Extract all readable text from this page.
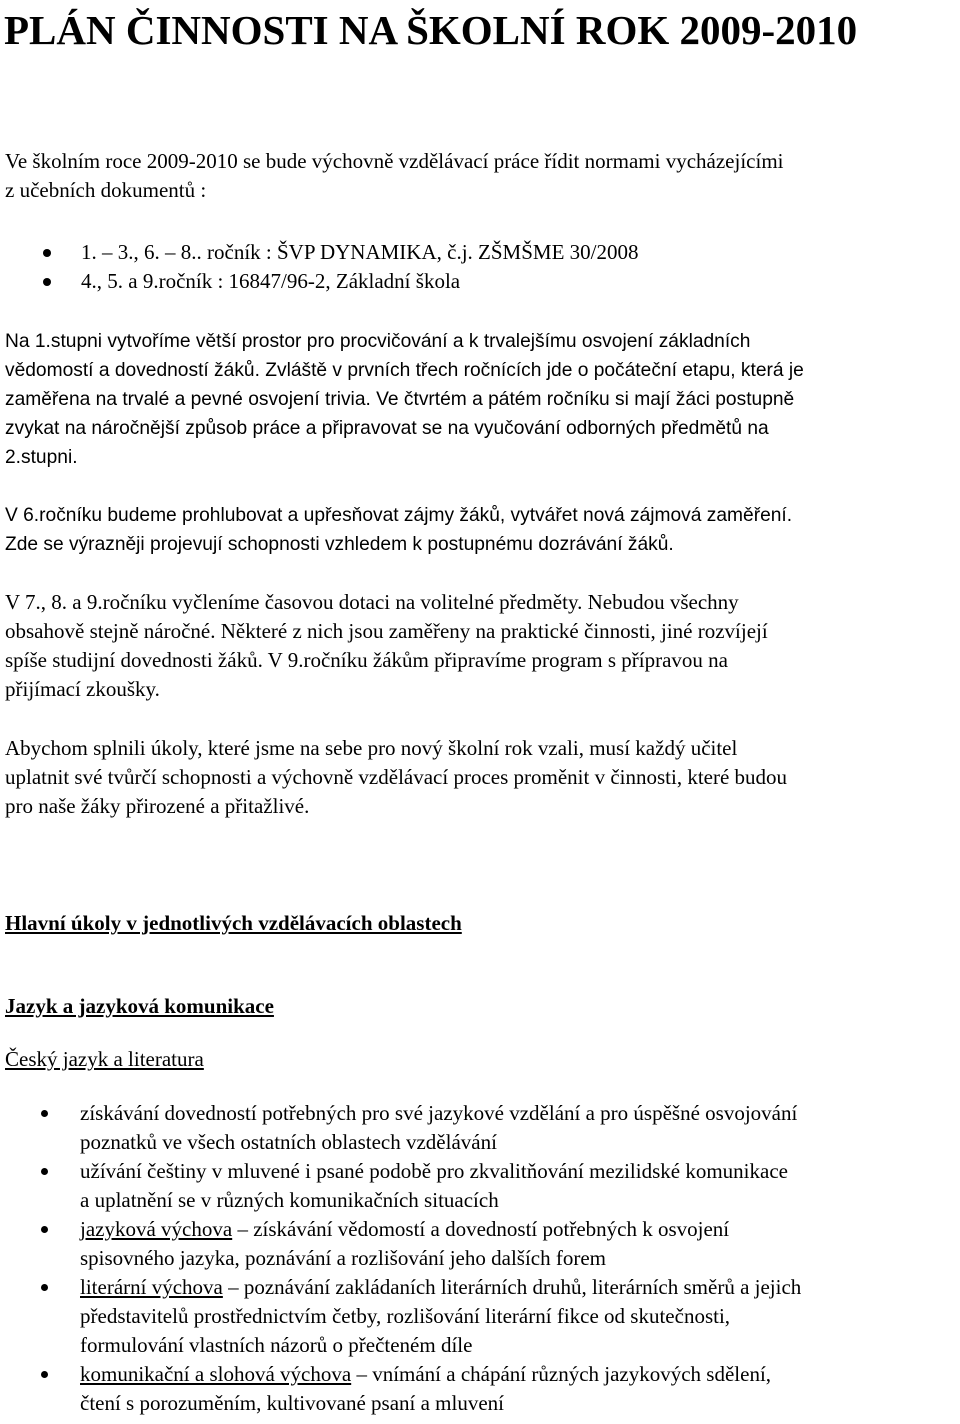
PLÁN ČINNOSTI NA ŠKOLNÍ ROK 2009-2010
Ve školním roce 2009-2010 se bude výchovně vzdělávací práce řídit normami vycházejícími
z učebních dokumentů :
1. – 3., 6. – 8.. ročník : ŠVP DYNAMIKA, č.j. ZŠMŠME 30/2008
4., 5. a 9.ročník : 16847/96-2, Základní škola
Na 1.stupni vytvoříme větší prostor pro procvičování a k trvalejšímu osvojení základních
vědomostí a dovedností žáků. Zvláště v prvních třech ročnících jde o počáteční etapu, která je
zaměřena na trvalé a pevné osvojení trivia. Ve čtvrtém a pátém ročníku si mají žáci postupně
zvykat na náročnější způsob práce a připravovat se na vyučování odborných předmětů na
2.stupni.
V 6.ročníku budeme prohlubovat a upřesňovat zájmy žáků, vytvářet nová zájmová zaměření.
Zde se výrazněji projevují schopnosti vzhledem k postupnému dozrávání žáků.
V 7., 8. a 9.ročníku vyčleníme časovou dotaci na volitelné předměty. Nebudou všechny
obsahově stejně náročné. Některé z nich jsou zaměřeny na praktické činnosti, jiné rozvíjejí
spíše studijní dovednosti žáků. V 9.ročníku žákům připravíme program s přípravou na
přijímací zkoušky.
Abychom splnili úkoly, které jsme na sebe pro nový školní rok vzali, musí každý učitel
uplatnit své tvůrčí schopnosti a výchovně vzdělávací proces proměnit v činnosti, které budou
pro naše žáky přirozené a přitažlivé.
Hlavní úkoly v jednotlivých vzdělávacích oblastech
Jazyk a jazyková komunikace
Český jazyk a literatura
získávání dovedností potřebných pro své jazykové vzdělání a pro úspěšné osvojování
poznatků ve všech ostatních oblastech vzdělávání
užívání češtiny v mluvené i psané podobě pro zkvalitňování mezilidské komunikace
a uplatnění se v různých komunikačních situacích
jazyková výchova – získávání vědomostí a dovedností potřebných k osvojení
spisovného jazyka, poznávání a rozlišování jeho dalších forem
literární výchova – poznávání zakládaních literárních druhů, literárních směrů a jejich
představitelů prostřednictvím četby, rozlišování literární fikce od skutečnosti,
formulování vlastních názorů o přečteném díle
komunikační a slohová výchova – vnímání a chápání různých jazykových sdělení,
čtení s porozuměním, kultivované psaní a mluvení
